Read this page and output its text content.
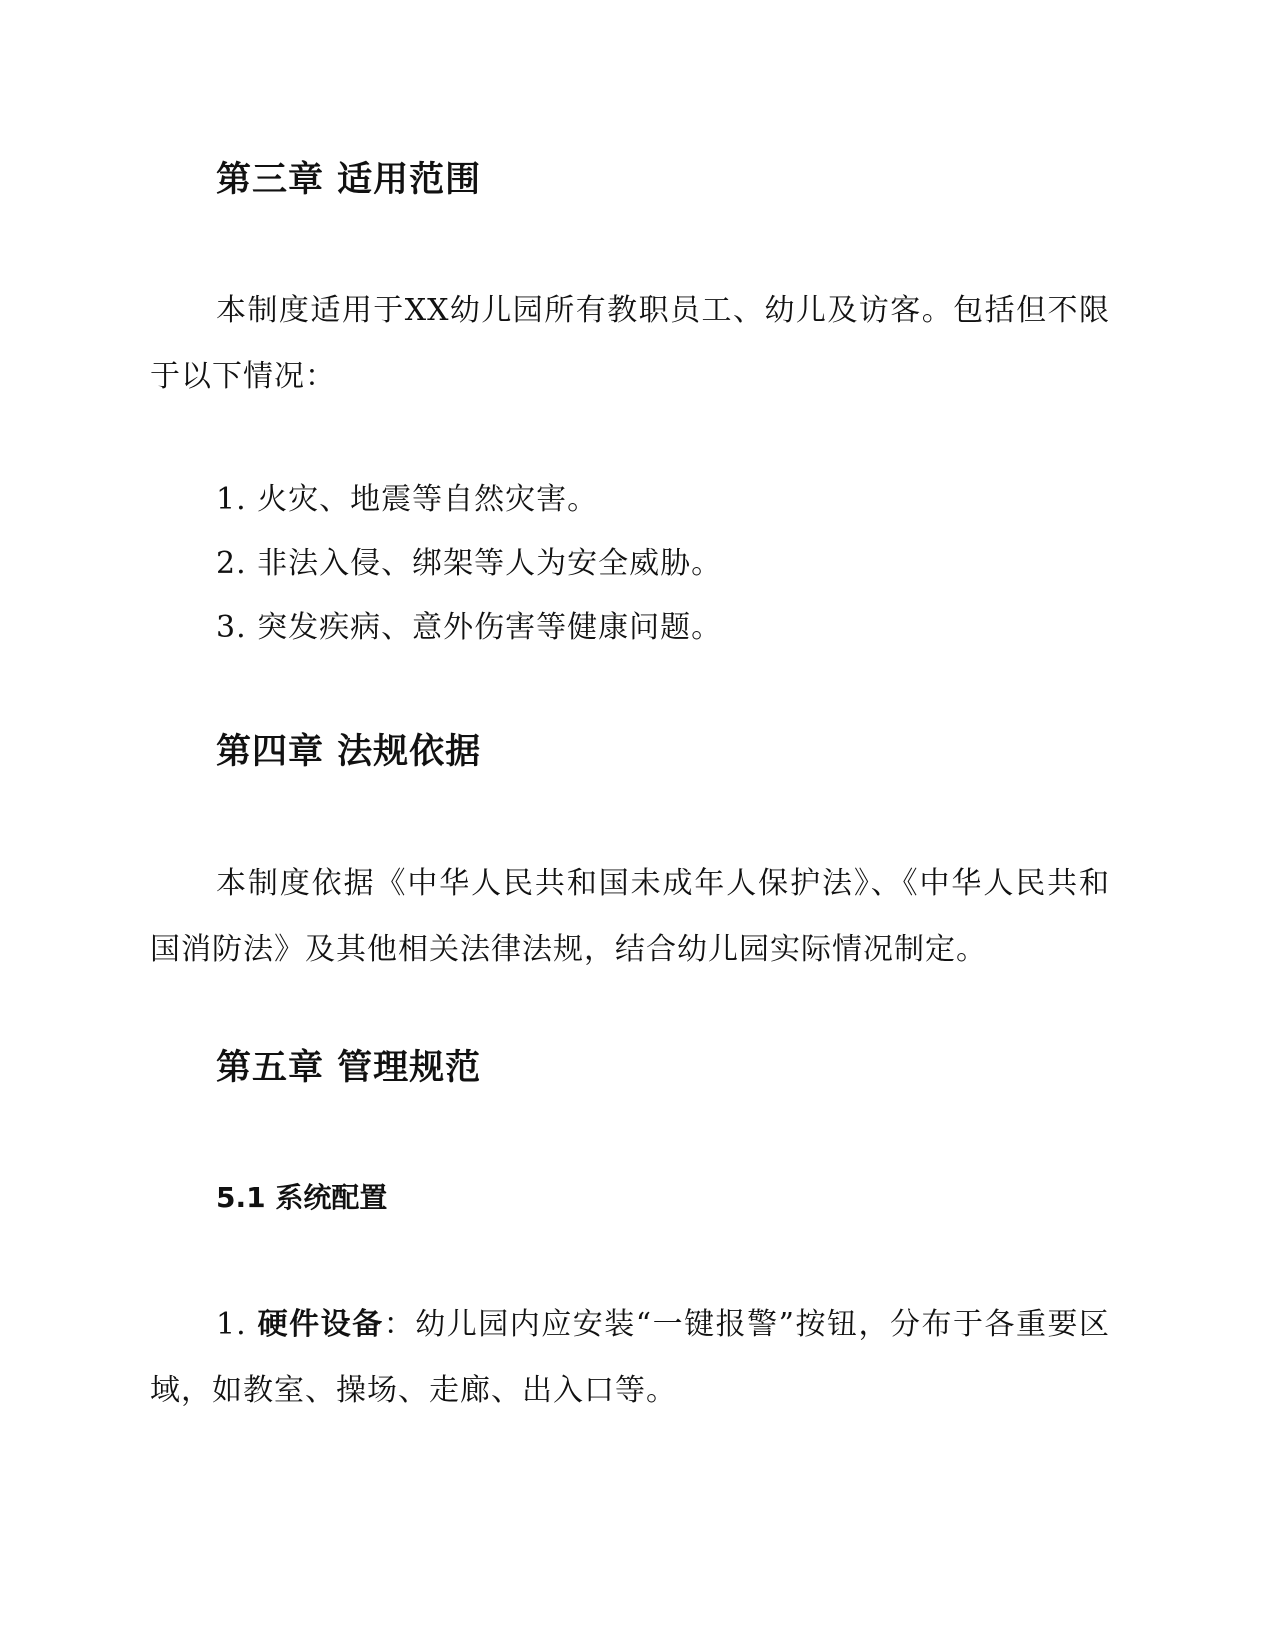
第三章 适用范围
本制度适用于XX幼儿园所有教职员工、幼儿及访客。包括但不限于以下情况：
1. 火灾、地震等自然灾害。
2. 非法入侵、绑架等人为安全威胁。
3. 突发疾病、意外伤害等健康问题。
第四章 法规依据
本制度依据《中华人民共和国未成年人保护法》、《中华人民共和国消防法》及其他相关法律法规，结合幼儿园实际情况制定。
第五章 管理规范
5.1 系统配置
1. 硬件设备：幼儿园内应安装“一键报警”按钮，分布于各重要区域，如教室、操场、走廊、出入口等。
